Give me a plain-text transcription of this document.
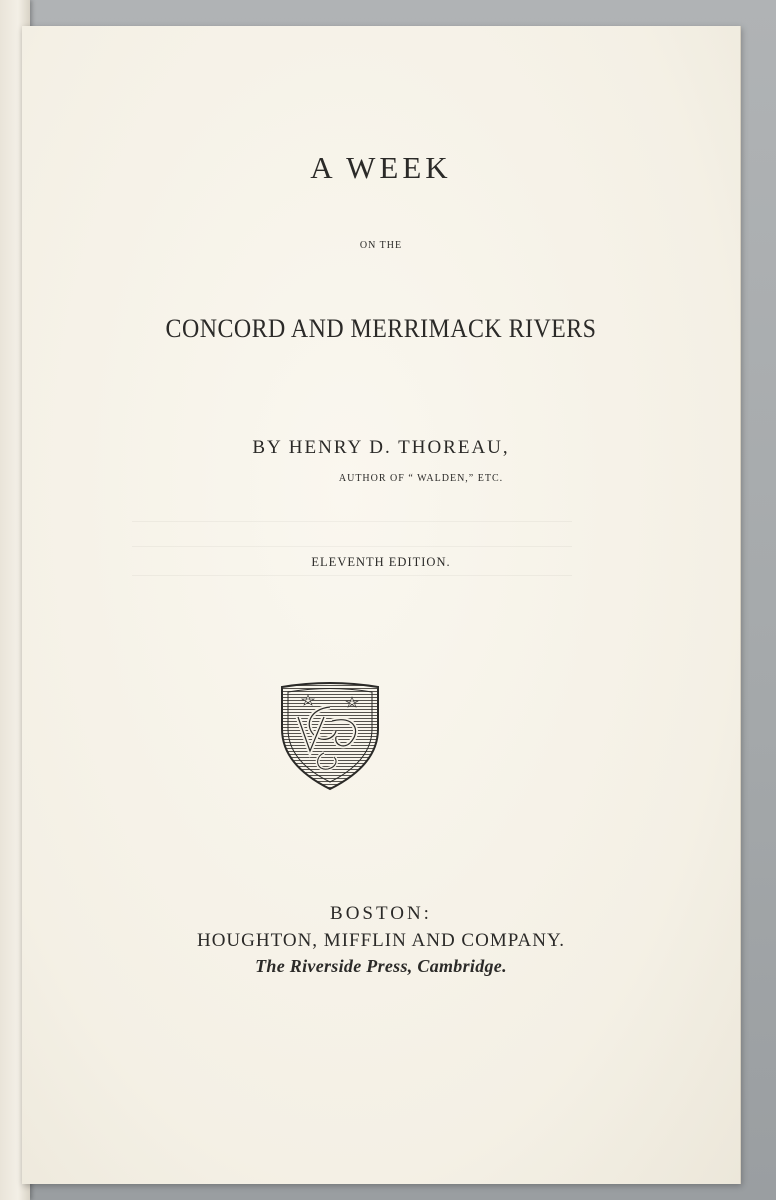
A WEEK
ON THE
CONCORD AND MERRIMACK RIVERS
BY HENRY D. THOREAU,
AUTHOR OF “ WALDEN,” ETC.
ELEVENTH EDITION.
BOSTON:
HOUGHTON, MIFFLIN AND COMPANY.
The Riverside Press, Cambridge.
